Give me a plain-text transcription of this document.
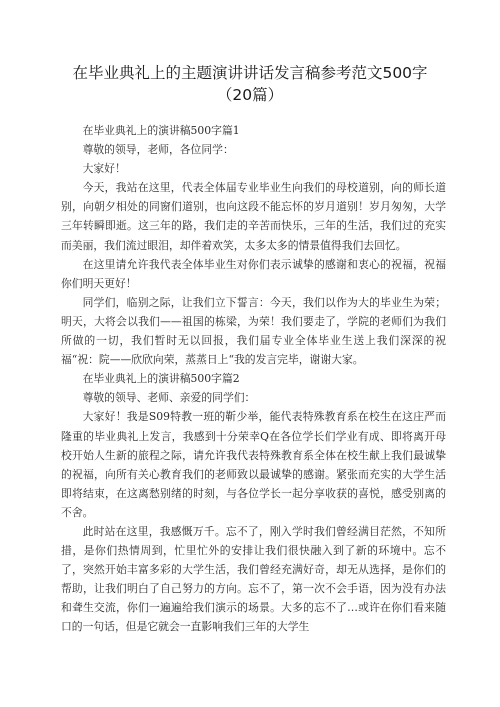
在毕业典礼上的主题演讲讲话发言稿参考范文500字
（20篇）

在毕业典礼上的演讲稿500字篇1

尊敬的领导，老师，各位同学：

大家好！

今天，我站在这里，代表全体届专业毕业生向我们的母校道别，向的师长道别，向朝夕相处的同窗们道别，也向这段不能忘怀的岁月道别！岁月匆匆，大学三年转瞬即逝。这三年的路，我们走的辛苦而快乐，三年的生活，我们过的充实而美丽，我们流过眼泪，却伴着欢笑，太多太多的情景值得我们去回忆。

在这里请允许我代表全体毕业生对你们表示诚挚的感谢和衷心的祝福，祝福你们明天更好！

同学们，临别之际，让我们立下誓言：今天，我们以作为大的毕业生为荣；明天，大将会以我们——祖国的栋梁，为荣！我们要走了，学院的老师们为我们所做的一切，我们暂时无以回报，我们届专业全体毕业生送上我们深深的祝福“祝：院——欣欣向荣，蒸蒸日上“我的发言完毕，谢谢大家。

在毕业典礼上的演讲稿500字篇2

尊敬的领导、老师、亲爱的同学们：

大家好！我是S09特教一班的靳少举，能代表特殊教育系在校生在这庄严而隆重的毕业典礼上发言，我感到十分荣幸Q在各位学长们学业有成、即将离开母校开始人生新的旅程之际，请允许我代表特殊教育系全体在校生献上我们最诚挚的祝福，向所有关心教育我们的老师致以最诚挚的感谢。紧张而充实的大学生活即将结束，在这离愁别绪的时刻，与各位学长一起分享收获的喜悦，感受别离的不舍。

此时站在这里，我感慨万千。忘不了，刚入学时我们曾经满目茫然，不知所措，是你们热情周到，忙里忙外的安排让我们很快融入到了新的环境中。忘不了，突然开始丰富多彩的大学生活，我们曾经充满好奇，却无从选择，是你们的帮助，让我们明白了自己努力的方向。忘不了，第一次不会手语，因为没有办法和聋生交流，你们一遍遍给我们演示的场景。大多的忘不了…或许在你们看来随口的一句话，但是它就会一直影响我们三年的大学生
